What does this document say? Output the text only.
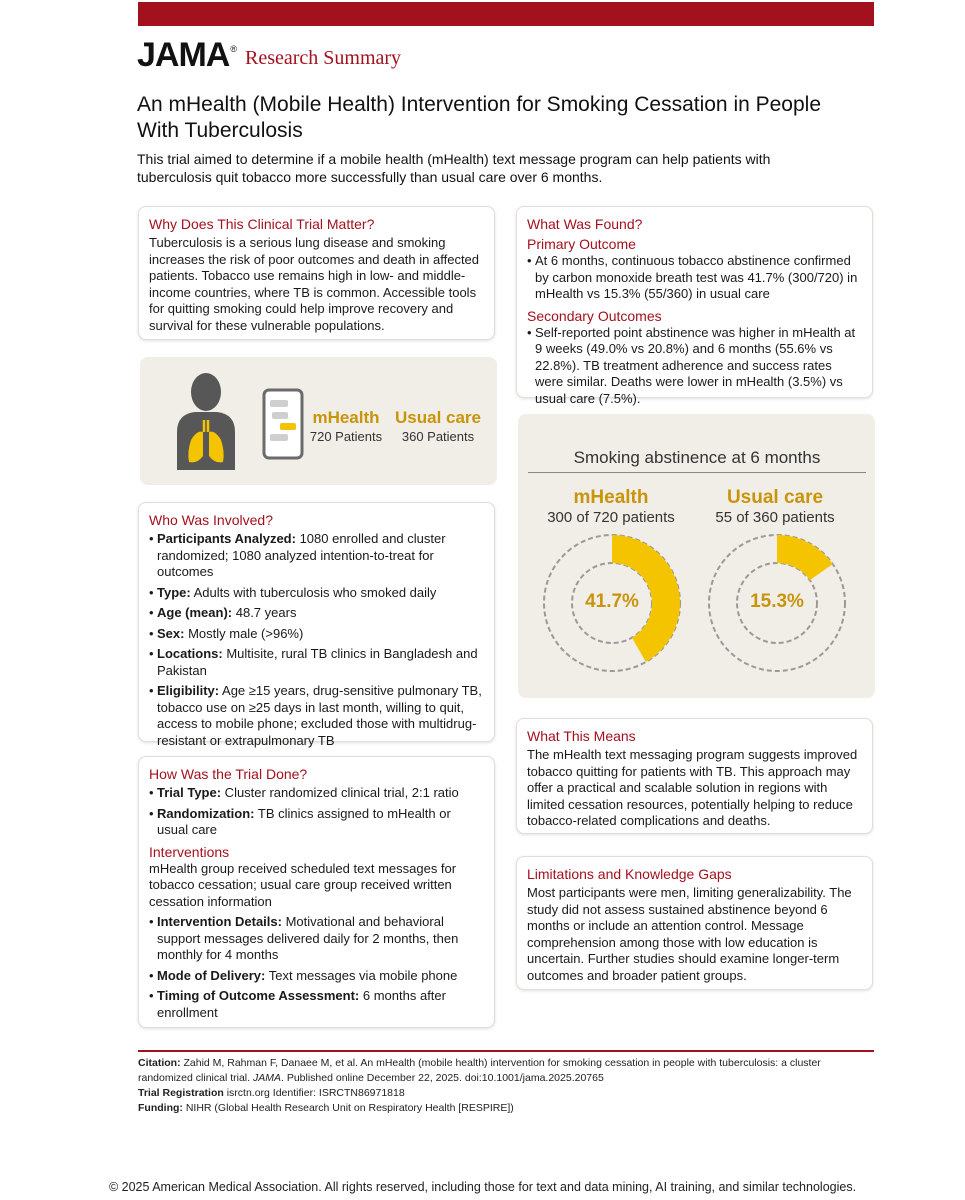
JAMA ® Research Summary
An mHealth (Mobile Health) Intervention for Smoking Cessation in People With Tuberculosis
This trial aimed to determine if a mobile health (mHealth) text message program can help patients with tuberculosis quit tobacco more successfully than usual care over 6 months.
Why Does This Clinical Trial Matter?
Tuberculosis is a serious lung disease and smoking increases the risk of poor outcomes and death in affected patients. Tobacco use remains high in low- and middle-income countries, where TB is common. Accessible tools for quitting smoking could help improve recovery and survival for these vulnerable populations.
mHealth
720 Patients
Usual care
360 Patients
Who Was Involved?
• Participants Analyzed: 1080 enrolled and cluster randomized; 1080 analyzed intention-to-treat for outcomes
• Type: Adults with tuberculosis who smoked daily
• Age (mean): 48.7 years
• Sex: Mostly male (>96%)
• Locations: Multisite, rural TB clinics in Bangladesh and Pakistan
• Eligibility: Age ≥15 years, drug-sensitive pulmonary TB, tobacco use on ≥25 days in last month, willing to quit, access to mobile phone; excluded those with multidrug-resistant or extrapulmonary TB
How Was the Trial Done?
• Trial Type: Cluster randomized clinical trial, 2:1 ratio
• Randomization: TB clinics assigned to mHealth or usual care
Interventions
mHealth group received scheduled text messages for tobacco cessation; usual care group received written cessation information
• Intervention Details: Motivational and behavioral support messages delivered daily for 2 months, then monthly for 4 months
• Mode of Delivery: Text messages via mobile phone
• Timing of Outcome Assessment: 6 months after enrollment
What Was Found?
Primary Outcome
• At 6 months, continuous tobacco abstinence confirmed by carbon monoxide breath test was 41.7% (300/720) in mHealth vs 15.3% (55/360) in usual care
Secondary Outcomes
• Self-reported point abstinence was higher in mHealth at 9 weeks (49.0% vs 20.8%) and 6 months (55.6% vs 22.8%). TB treatment adherence and success rates were similar. Deaths were lower in mHealth (3.5%) vs usual care (7.5%).
Smoking abstinence at 6 months
mHealth
300 of 720 patients
Usual care
55 of 360 patients
41.7%	15.3%
What This Means
The mHealth text messaging program suggests improved tobacco quitting for patients with TB. This approach may offer a practical and scalable solution in regions with limited cessation resources, potentially helping to reduce tobacco-related complications and deaths.
Limitations and Knowledge Gaps
Most participants were men, limiting generalizability. The study did not assess sustained abstinence beyond 6 months or include an attention control. Message comprehension among those with low education is uncertain. Further studies should examine longer-term outcomes and broader patient groups.
Citation: Zahid M, Rahman F, Danaee M, et al. An mHealth (mobile health) intervention for smoking cessation in people with tuberculosis: a cluster randomized clinical trial. JAMA. Published online December 22, 2025. doi:10.1001/jama.2025.20765
Trial Registration isrctn.org Identifier: ISRCTN86971818
Funding: NIHR (Global Health Research Unit on Respiratory Health [RESPIRE])
© 2025 American Medical Association. All rights reserved, including those for text and data mining, AI training, and similar technologies.
